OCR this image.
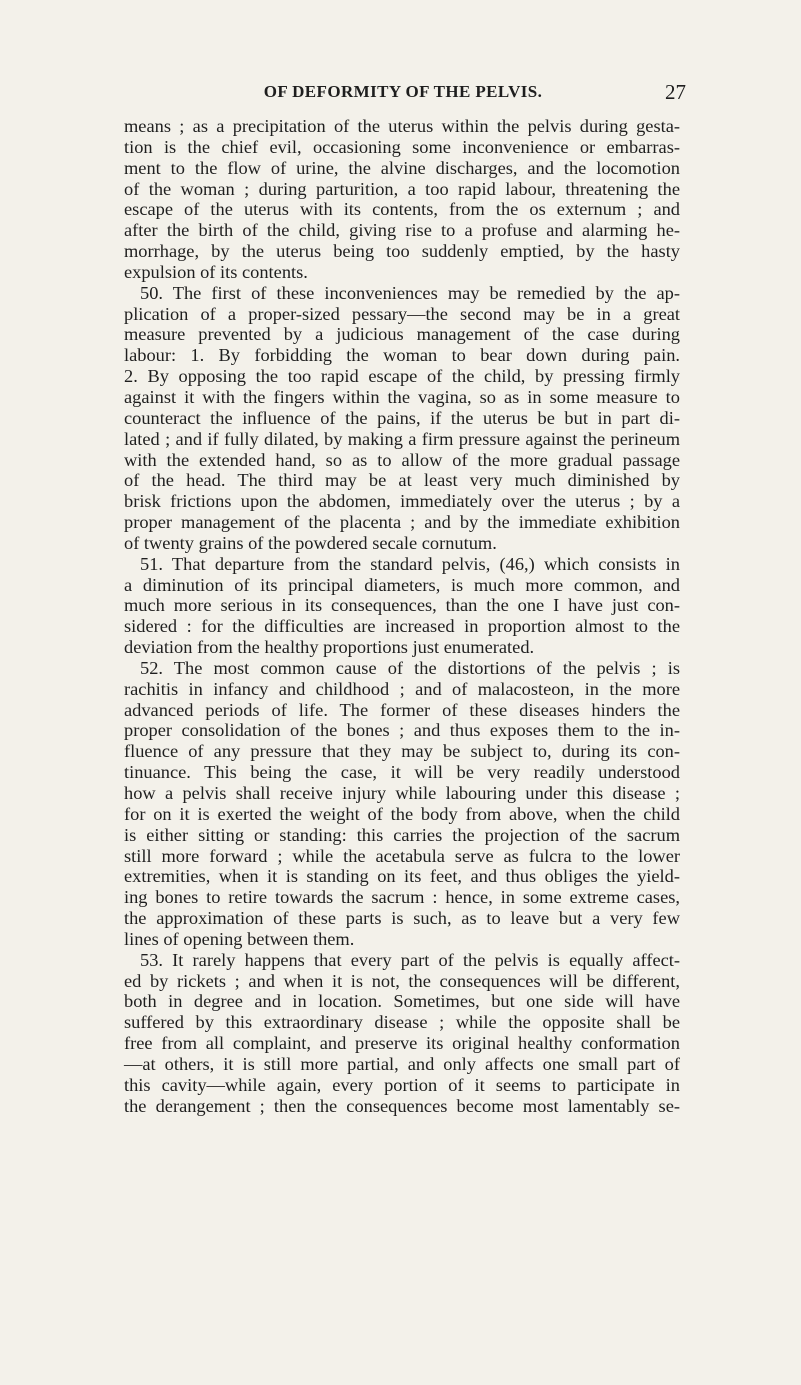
OF DEFORMITY OF THE PELVIS.	27
means ; as a precipitation of the uterus within the pelvis during gesta-
tion is the chief evil, occasioning some inconvenience or embarras-
ment to the flow of urine, the alvine discharges, and the locomotion
of the woman ; during parturition, a too rapid labour, threatening the
escape of the uterus with its contents, from the os externum ; and
after the birth of the child, giving rise to a profuse and alarming he-
morrhage, by the uterus being too suddenly emptied, by the hasty
expulsion of its contents.
50. The first of these inconveniences may be remedied by the ap-
plication of a proper-sized pessary—the second may be in a great
measure prevented by a judicious management of the case during
labour: 1. By forbidding the woman to bear down during pain.
2. By opposing the too rapid escape of the child, by pressing firmly
against it with the fingers within the vagina, so as in some measure to
counteract the influence of the pains, if the uterus be but in part di-
lated ; and if fully dilated, by making a firm pressure against the perineum
with the extended hand, so as to allow of the more gradual passage
of the head. The third may be at least very much diminished by
brisk frictions upon the abdomen, immediately over the uterus ; by a
proper management of the placenta ; and by the immediate exhibition
of twenty grains of the powdered secale cornutum.
51. That departure from the standard pelvis, (46,) which consists in
a diminution of its principal diameters, is much more common, and
much more serious in its consequences, than the one I have just con-
sidered : for the difficulties are increased in proportion almost to the
deviation from the healthy proportions just enumerated.
52. The most common cause of the distortions of the pelvis ; is
rachitis in infancy and childhood ; and of malacosteon, in the more
advanced periods of life. The former of these diseases hinders the
proper consolidation of the bones ; and thus exposes them to the in-
fluence of any pressure that they may be subject to, during its con-
tinuance. This being the case, it will be very readily understood
how a pelvis shall receive injury while labouring under this disease ;
for on it is exerted the weight of the body from above, when the child
is either sitting or standing: this carries the projection of the sacrum
still more forward ; while the acetabula serve as fulcra to the lower
extremities, when it is standing on its feet, and thus obliges the yield-
ing bones to retire towards the sacrum : hence, in some extreme cases,
the approximation of these parts is such, as to leave but a very few
lines of opening between them.
53. It rarely happens that every part of the pelvis is equally affect-
ed by rickets ; and when it is not, the consequences will be different,
both in degree and in location. Sometimes, but one side will have
suffered by this extraordinary disease ; while the opposite shall be
free from all complaint, and preserve its original healthy conformation
—at others, it is still more partial, and only affects one small part of
this cavity—while again, every portion of it seems to participate in
the derangement ; then the consequences become most lamentably se-
